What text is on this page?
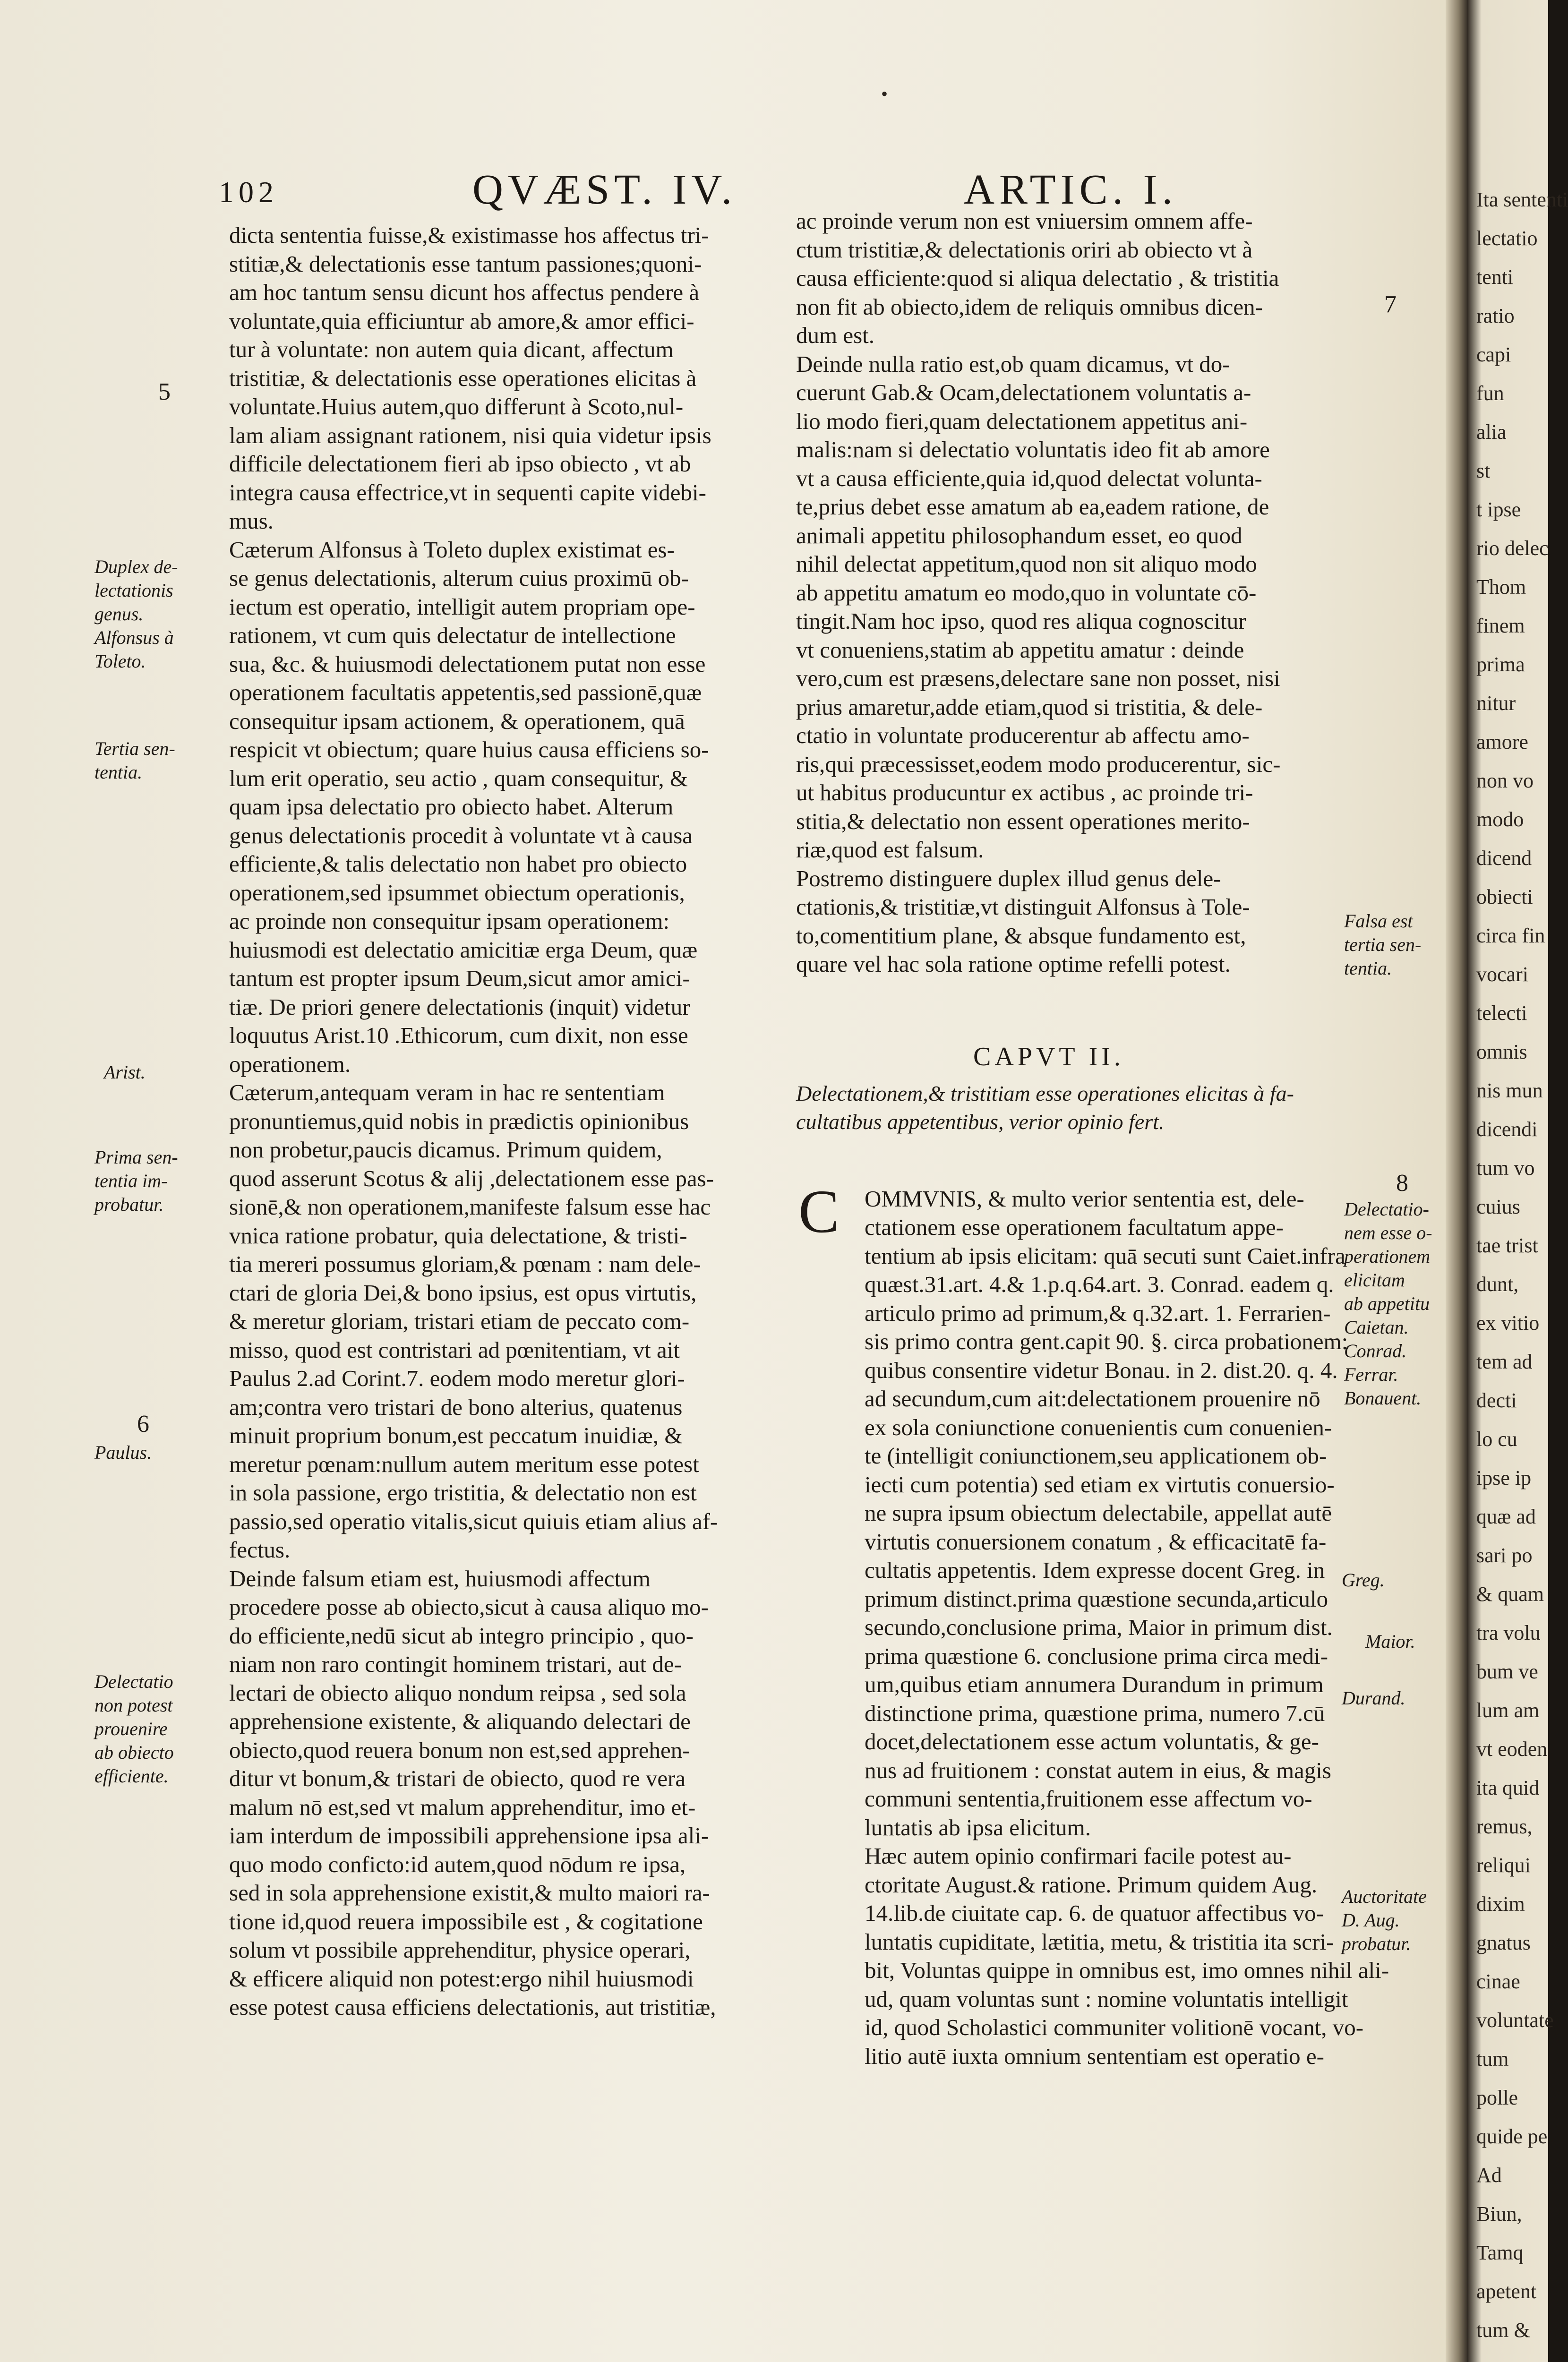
•
102	QVÆST. IV.	ARTIC. I.
dicta sententia fuisse,& existimasse hos affectus tri-
stitiæ,& delectationis esse tantum passiones;quoni-
am hoc tantum sensu dicunt hos affectus pendere à
voluntate,quia efficiuntur ab amore,& amor effici-
tur à voluntate: non autem quia dicant, affectum
tristitiæ, & delectationis esse operationes elicitas à
voluntate.Huius autem,quo differunt à Scoto,nul-
lam aliam assignant rationem, nisi quia videtur ipsis
difficile delectationem fieri ab ipso obiecto , vt ab
integra causa effectrice,vt in sequenti capite videbi-
mus.
Cæterum Alfonsus à Toleto duplex existimat es-
se genus delectationis, alterum cuius proximū ob-
iectum est operatio, intelligit autem propriam ope-
rationem, vt cum quis delectatur de intellectione
sua, &c. & huiusmodi delectationem putat non esse
operationem facultatis appetentis,sed passionē,quæ
consequitur ipsam actionem, & operationem, quā
respicit vt obiectum; quare huius causa efficiens so-
lum erit operatio, seu actio , quam consequitur, &
quam ipsa delectatio pro obiecto habet. Alterum
genus delectationis procedit à voluntate vt à causa
efficiente,& talis delectatio non habet pro obiecto
operationem,sed ipsummet obiectum operationis,
ac proinde non consequitur ipsam operationem:
huiusmodi est delectatio amicitiæ erga Deum, quæ
tantum est propter ipsum Deum,sicut amor amici-
tiæ. De priori genere delectationis (inquit) videtur
loquutus Arist.10 .Ethicorum, cum dixit, non esse
operationem.
Cæterum,antequam veram in hac re sententiam
pronuntiemus,quid nobis in prædictis opinionibus
non probetur,paucis dicamus. Primum quidem,
quod asserunt Scotus & alij ,delectationem esse pas-
sionē,& non operationem,manifeste falsum esse hac
vnica ratione probatur, quia delectatione, & tristi-
tia mereri possumus gloriam,& pœnam : nam dele-
ctari de gloria Dei,& bono ipsius, est opus virtutis,
& meretur gloriam, tristari etiam de peccato com-
misso, quod est contristari ad pœnitentiam, vt ait
Paulus 2.ad Corint.7. eodem modo meretur glori-
am;contra vero tristari de bono alterius, quatenus
minuit proprium bonum,est peccatum inuidiæ, &
meretur pœnam:nullum autem meritum esse potest
in sola passione, ergo tristitia, & delectatio non est
passio,sed operatio vitalis,sicut quiuis etiam alius af-
fectus.
Deinde falsum etiam est, huiusmodi affectum
procedere posse ab obiecto,sicut à causa aliquo mo-
do efficiente,nedū sicut ab integro principio , quo-
niam non raro contingit hominem tristari, aut de-
lectari de obiecto aliquo nondum reipsa , sed sola
apprehensione existente, & aliquando delectari de
obiecto,quod reuera bonum non est,sed apprehen-
ditur vt bonum,& tristari de obiecto, quod re vera
malum nō est,sed vt malum apprehenditur, imo et-
iam interdum de impossibili apprehensione ipsa ali-
quo modo conficto:id autem,quod nōdum re ipsa,
sed in sola apprehensione existit,& multo maiori ra-
tione id,quod reuera impossibile est , & cogitatione
solum vt possibile apprehenditur, physice operari,
& efficere aliquid non potest:ergo nihil huiusmodi
esse potest causa efficiens delectationis, aut tristitiæ,
ac proinde verum non est vniuersim omnem affe-
ctum tristitiæ,& delectationis oriri ab obiecto vt à
causa efficiente:quod si aliqua delectatio , & tristitia
non fit ab obiecto,idem de reliquis omnibus dicen-
dum est.
Deinde nulla ratio est,ob quam dicamus, vt do-
cuerunt Gab.& Ocam,delectationem voluntatis a-
lio modo fieri,quam delectationem appetitus ani-
malis:nam si delectatio voluntatis ideo fit ab amore
vt a causa efficiente,quia id,quod delectat volunta-
te,prius debet esse amatum ab ea,eadem ratione, de
animali appetitu philosophandum esset, eo quod
nihil delectat appetitum,quod non sit aliquo modo
ab appetitu amatum eo modo,quo in voluntate cō-
tingit.Nam hoc ipso, quod res aliqua cognoscitur
vt conueniens,statim ab appetitu amatur : deinde
vero,cum est præsens,delectare sane non posset, nisi
prius amaretur,adde etiam,quod si tristitia, & dele-
ctatio in voluntate producerentur ab affectu amo-
ris,qui præcessisset,eodem modo producerentur, sic-
ut habitus producuntur ex actibus , ac proinde tri-
stitia,& delectatio non essent operationes merito-
riæ,quod est falsum.
Postremo distinguere duplex illud genus dele-
ctationis,& tristitiæ,vt distinguit Alfonsus à Tole-
to,comentitium plane, & absque fundamento est,
quare vel hac sola ratione optime refelli potest.
CAPVT II.
Delectationem,& tristitiam esse operationes elicitas à fa-
cultatibus appetentibus, verior opinio fert.
C OMMVNIS, & multo verior sententia est, dele-
ctationem esse operationem facultatum appe-
tentium ab ipsis elicitam: quā secuti sunt Caiet.infra
quæst.31.art. 4.& 1.p.q.64.art. 3. Conrad. eadem q.
articulo primo ad primum,& q.32.art. 1. Ferrarien-
sis primo contra gent.capit 90. §. circa probationem:
quibus consentire videtur Bonau. in 2. dist.20. q. 4.
ad secundum,cum ait:delectationem prouenire nō
ex sola coniunctione conuenientis cum conuenien-
te (intelligit coniunctionem,seu applicationem ob-
iecti cum potentia) sed etiam ex virtutis conuersio-
ne supra ipsum obiectum delectabile, appellat autē
virtutis conuersionem conatum , & efficacitatē fa-
cultatis appetentis. Idem expresse docent Greg. in
primum distinct.prima quæstione secunda,articulo
secundo,conclusione prima, Maior in primum dist.
prima quæstione 6. conclusione prima circa medi-
um,quibus etiam annumera Durandum in primum
distinctione prima, quæstione prima, numero 7.cū
docet,delectationem esse actum voluntatis, & ge-
nus ad fruitionem : constat autem in eius, & magis
communi sententia,fruitionem esse affectum vo-
luntatis ab ipsa elicitum.
Hæc autem opinio confirmari facile potest au-
ctoritate August.& ratione. Primum quidem Aug.
14.lib.de ciuitate cap. 6. de quatuor affectibus vo-
luntatis cupiditate, lætitia, metu, & tristitia ita scri-
bit, Voluntas quippe in omnibus est, imo omnes nihil ali-
ud, quam voluntas sunt : nomine voluntatis intelligit
id, quod Scholastici communiter volitionē vocant, vo-
litio autē iuxta omnium sententiam est operatio e-
5
Duplex de-
lectationis
genus.
Alfonsus à
Toleto.
Tertia sen-
tentia.
Arist.
Prima sen-
tentia im-
probatur.
6
Paulus.
Delectatio
non potest
prouenire
ab obiecto
efficiente.
7
Falsa est
tertia sen-
tentia.
8
Delectatio-
nem esse o-
perationem
elicitam
ab appetitu
Caietan.
Conrad.
Ferrar.
Bonauent.
Greg.
Maior.
Durand.
Auctoritate
D. Aug.
probatur.
Ita sententi
lectatio
tenti
ratio
capi
fun
alia
st
t ipse
rio delec
Thom
finem
prima
nitur
amore
non vo
modo
dicend
obiecti
circa fin
vocari
telecti
omnis
nis mun
dicendi
tum vo
cuius
tae trist
dunt,
ex vitio
tem ad
decti
lo cu
ipse ip
quæ ad
sari po
& quam
tra volu
bum ve
lum am
vt eoden
ita quid
remus,
reliqui
dixim
gnatus
cinae
voluntate
tum
polle
quide pe
Ad
Biun,
Tamq
apetent
tum &
